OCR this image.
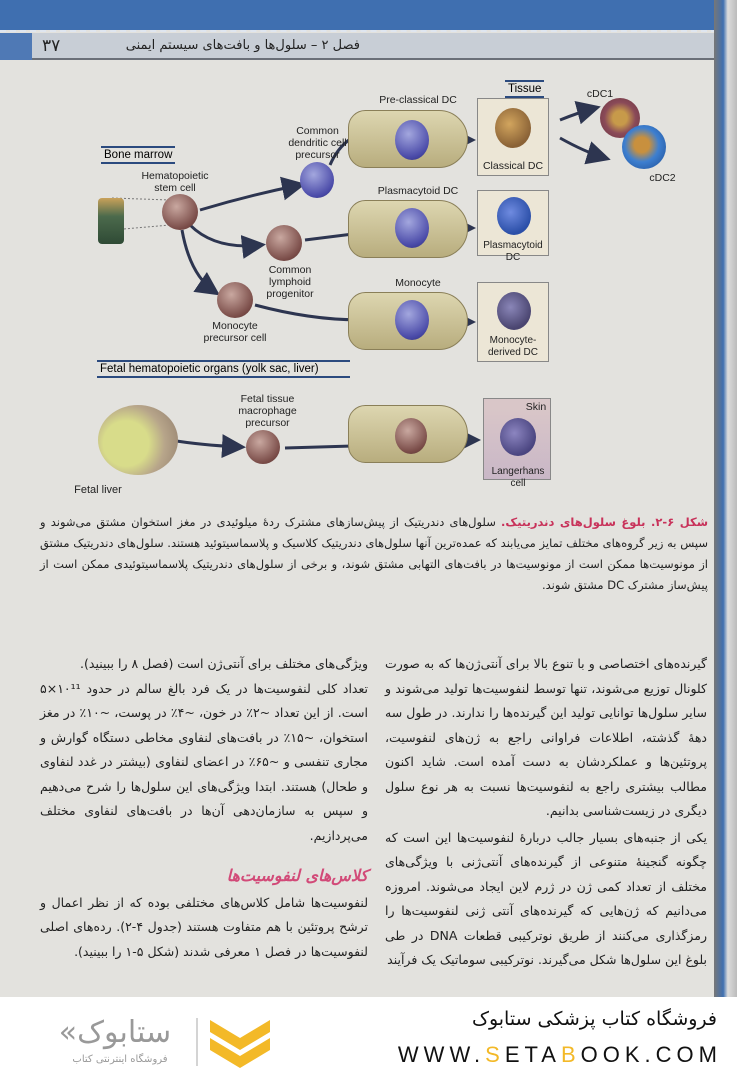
۳۷	فصل ۲ – سلول‌ها و بافت‌های سیستم ایمنی
Bone marrow
Tissue
Fetal hematopoietic organs (yolk sac, liver)
Hematopoietic stem cell
Common dendritic cell precursor
Common lymphoid progenitor
Monocyte precursor cell
Pre-classical DC
Plasmacytoid DC
Monocyte
Classical DC
Plasmacytoid DC
Monocyte-derived DC
cDC1
cDC2
Fetal liver
Fetal tissue macrophage precursor
Skin
Langerhans cell
شکل ۶-۲. بلوغ سلول‌های دندریتیک. سلول‌های دندریتیک از پیش‌سازهای مشترک ردهٔ میلوئیدی در مغز استخوان مشتق می‌شوند و سپس به زیر گروه‌های مختلف تمایز می‌یابند که عمده‌ترین آنها سلول‌های دندریتیک کلاسیک و پلاسماسیتوئید هستند. سلول‌های دندریتیک مشتق از مونوسیت‌ها ممکن است از مونوسیت‌ها در بافت‌های التهابی مشتق شوند، و برخی از سلول‌های دندریتیک پلاسماسیتوئیدی ممکن است از پیش‌ساز مشترک DC مشتق شوند.

گیرنده‌های اختصاصی و با تنوع بالا برای آنتی‌ژن‌ها که به صورت کلونال توزیع می‌شوند، تنها توسط لنفوسیت‌ها تولید می‌شوند و سایر سلول‌ها توانایی تولید این گیرنده‌ها را ندارند. در طول سه دههٔ گذشته، اطلاعات فراوانی راجع به ژن‌های لنفوسیت، پروتئین‌ها و عملکردشان به دست آمده است. شاید اکنون مطالب بیشتری راجع به لنفوسیت‌ها نسبت به هر نوع سلول دیگری در زیست‌شناسی بدانیم.

یکی از جنبه‌های بسیار جالب دربارهٔ لنفوسیت‌ها این است که چگونه گنجینهٔ متنوعی از گیرنده‌های آنتی‌ژنی با ویژگی‌های مختلف از تعداد کمی ژن در ژرم لاین ایجاد می‌شوند. امروزه می‌دانیم که ژن‌هایی که گیرنده‌های آنتی ژنی لنفوسیت‌ها را رمزگذاری می‌کنند از طریق نوترکیبی قطعات DNA در طی بلوغ این سلول‌ها شکل می‌گیرند. نوترکیبی سوماتیک یک فرآیند

ویژگی‌های مختلف برای آنتی‌ژن است (فصل ۸ را ببینید).

تعداد کلی لنفوسیت‌ها در یک فرد بالغ سالم در حدود ۱۰¹¹×۵ است. از این تعداد ~۲٪ در خون، ~۴٪ در پوست، ~۱۰٪ در مغز استخوان، ~۱۵٪ در بافت‌های لنفاوی مخاطی دستگاه گوارش و مجاری تنفسی و ~۶۵٪ در اعضای لنفاوی (بیشتر در غدد لنفاوی و طحال) هستند. ابتدا ویژگی‌های این سلول‌ها را شرح می‌دهیم و سپس به سازمان‌دهی آن‌ها در بافت‌های لنفاوی مختلف می‌پردازیم.

کلاس‌های لنفوسیت‌ها

لنفوسیت‌ها شامل کلاس‌های مختلفی بوده که از نظر اعمال و ترشح پروتئین با هم متفاوت هستند (جدول ۴-۲). رده‌های اصلی لنفوسیت‌ها در فصل ۱ معرفی شدند (شکل ۵-۱ را ببینید).

«ستابوک
فروشگاه اینترنتی کتاب
فروشگاه کتاب پزشکی ستابوک
WWW.SETABOOK.COM
